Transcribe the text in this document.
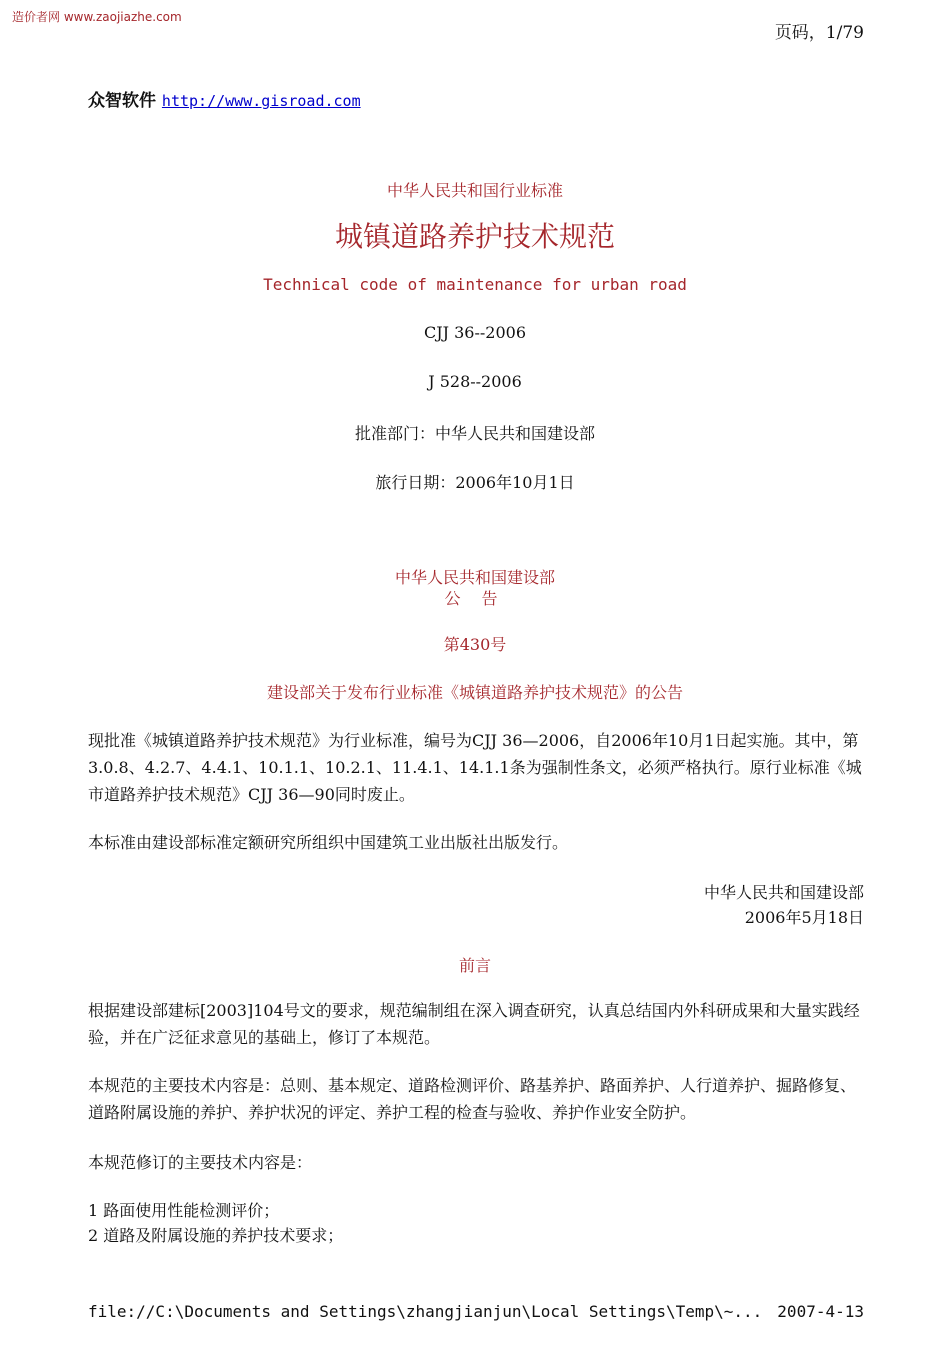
造价者网 www.zaojiazhe.com
页码，1/79
众智软件 http://www.gisroad.com
中华人民共和国行业标准
城镇道路养护技术规范
Technical code of maintenance for urban road
CJJ 36--2006
J 528--2006
批准部门：中华人民共和国建设部
旅行日期：2006年10月1日
中华人民共和国建设部
公 告
第430号
建设部关于发布行业标准《城镇道路养护技术规范》的公告
现批准《城镇道路养护技术规范》为行业标准，编号为CJJ 36—2006，自2006年10月1日起实施。其中，第3.0.8、4.2.7、4.4.1、10.1.1、10.2.1、11.4.1、14.1.1条为强制性条文，必须严格执行。原行业标准《城市道路养护技术规范》CJJ 36—90同时废止。
本标准由建设部标准定额研究所组织中国建筑工业出版社出版发行。
中华人民共和国建设部
2006年5月18日
前言
根据建设部建标[2003]104号文的要求，规范编制组在深入调查研究，认真总结国内外科研成果和大量实践经验，并在广泛征求意见的基础上，修订了本规范。
本规范的主要技术内容是：总则、基本规定、道路检测评价、路基养护、路面养护、人行道养护、掘路修复、道路附属设施的养护、养护状况的评定、养护工程的检查与验收、养护作业安全防护。
本规范修订的主要技术内容是：
1 路面使用性能检测评价；
2 道路及附属设施的养护技术要求；
file://C:\Documents and Settings\zhangjianjun\Local Settings\Temp\~... 2007-4-13
